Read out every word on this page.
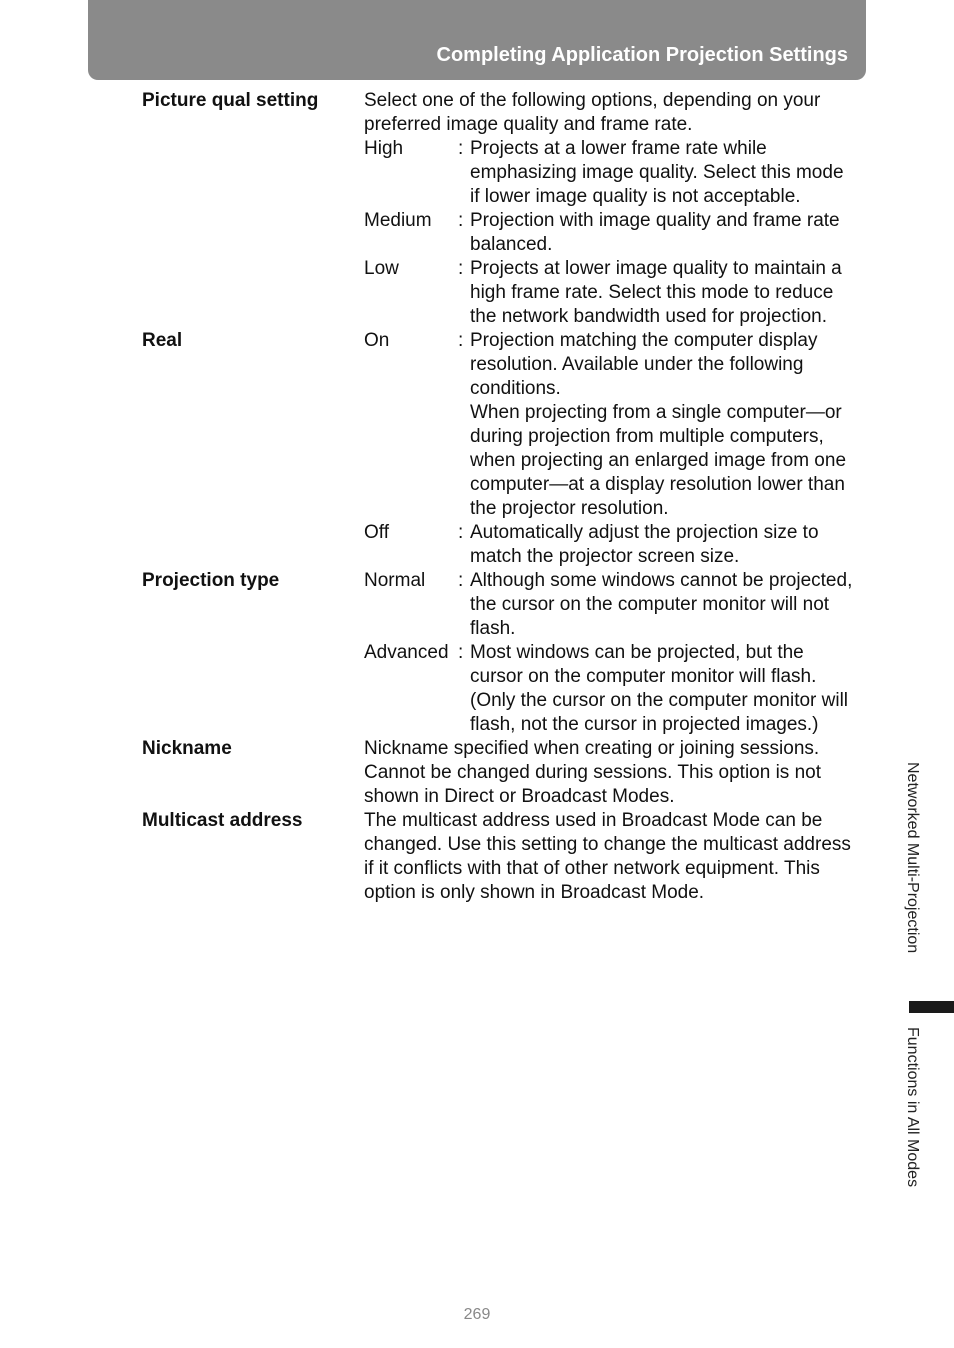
Completing Application Projection Settings
Picture qual setting	Select one of the following options, depending on your preferred image quality and frame rate.
High	: Projects at a lower frame rate while emphasizing image quality. Select this mode if lower image quality is not acceptable.
Medium	: Projection with image quality and frame rate balanced.
Low	: Projects at lower image quality to maintain a high frame rate. Select this mode to reduce the network bandwidth used for projection.
Real	On	: Projection matching the computer display resolution. Available under the following conditions.
When projecting from a single computer—or during projection from multiple computers, when projecting an enlarged image from one computer—at a display resolution lower than the projector resolution.
Off	: Automatically adjust the projection size to match the projector screen size.
Projection type	Normal	: Although some windows cannot be projected, the cursor on the computer monitor will not flash.
Advanced : Most windows can be projected, but the cursor on the computer monitor will flash. (Only the cursor on the computer monitor will flash, not the cursor in projected images.)
Nickname	Nickname specified when creating or joining sessions. Cannot be changed during sessions. This option is not shown in Direct or Broadcast Modes.
Multicast address	The multicast address used in Broadcast Mode can be changed. Use this setting to change the multicast address if it conflicts with that of other network equipment. This option is only shown in Broadcast Mode.	Networked Multi-Projection
Functions in All Modes
269
